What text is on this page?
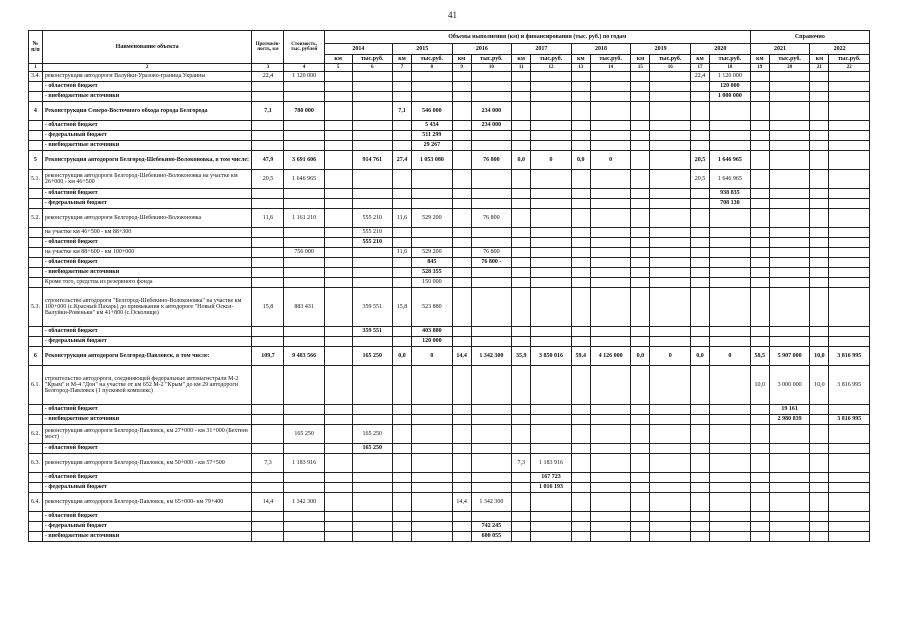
41
№ п/п	Наименование объекта	Протяжён-ность, км	Стоимость, тыс. рублей	Объемы выполнения (км) и финансирования (тыс. руб.) по годам														Справочно			
				2014		2015		2016		2017		2018		2019		2020		2021		2022	
				км	тыс.руб.	км	тыс.руб.	км	тыс.руб.	км	тыс.руб.	км	тыс.руб.	км	тыс.руб.	км	тыс.руб.	км	тыс.руб.	км	тыс.руб.
1	2	3	4	5	6	7	8	9	10	11	12	13	14	15	16	17	18	19	20	21	22
3.4.	реконструкция автодороги Валуйки-Уразово-граница Украины	22,4	1 120 000													22,4	1 120 000				
	- областной бюджет																120 000				
	- внебюджетные источники																1 000 000				
4	Реконструкция Северо-Восточного обхода города Белгорода	7,1	780 000			7,1	546 000		234 000												
	- областной бюджет						5 434		234 000												
	- федеральный бюджет						511 299														
	- внебюджетные источники						29 267														
5	Реконструкция автодороги Белгород-Шебекино-Волоконовка, в том числе:	47,9	3 691 606		914 761	27,4	1 053 080		76 800	0,0	0	0,0	0			20,5	1 646 965				
5.1.	реконструкция автодороги Белгород-Шебекино-Волоконовка на участке км 26+000 - км 46+500	20,5	1 646 965													20,5	1 646 965				
	- областной бюджет																938 835				
	- федеральный бюджет																708 130				
5.2.	реконструкция автодороги Белгород-Шебекино-Волоконовка	11,6	1 161 210		555 210	11,6	529 200		76 800												
	на участке км 46+500 - км 88+300				555 210																
	- областной бюджет				555 210																
	на участке км 88+600 - км 100+000		756 000			11,6	529 200		76 800												
	- областной бюджет						845		76 800 -												
	- внебюджетные источники						528 355														
	Кроме того, средства из резервного фонда						150 000														
5.3.	строительство автодороги "Белгород-Шебекино-Волоконовка" на участке км 100+000 (с.Красный Пахарь) до примыкания к автодороге "Новый Оскол-Валуйки-Ровеньки" км 41+800 (с.Осколище)	15,8	883 431		359 551	15,8	523 880														
	- областной бюджет				359 551		403 880														
	- федеральный бюджет						120 000														
6	Реконструкция автодороги Белгород-Павловск, в том числе:	109,7	9 483 566		165 250	0,0	0	14,4	1 342 300	35,9	3 850 016	59,4	4 126 000	0,0	0	0,0	0	58,5	5 907 000	10,0	3 816 995
6.1.	строительство автодороги, соединяющей федеральные автомагистрали М-2 "Крым" и М-4 "Дон" на участке от км 652 М-2 "Крым" до км 29 автодороги Белгород-Павловск (1 пусковой комплекс)																	10,0	3 000 000	10,0	3 816 995
	- областной бюджет																		19 161		
	- внебюджетные источники																		2 980 839		3 816 995
6.2.	реконструкция автодороги Белгород-Павловск, км 27+000 - км 31+000 (Бехтеев мост)		165 250		165 250																
	- областной бюджет				165 250																
6.3.	реконструкция автодороги Белгород-Павловск, км 50+000 - км 57+500	7,3	1 183 916							7,3	1 183 916										
	- областной бюджет										167 723										
	- федеральный бюджет										1 016 193										
6.4.	реконструкция автодороги Белгород-Павловск, км 65+000- км 79+400	14,4	1 342 300					14,4	1 342 300												
	- областной бюджет																				
	- федеральный бюджет								742 245												
	- внебюджетные источники								600 055												
